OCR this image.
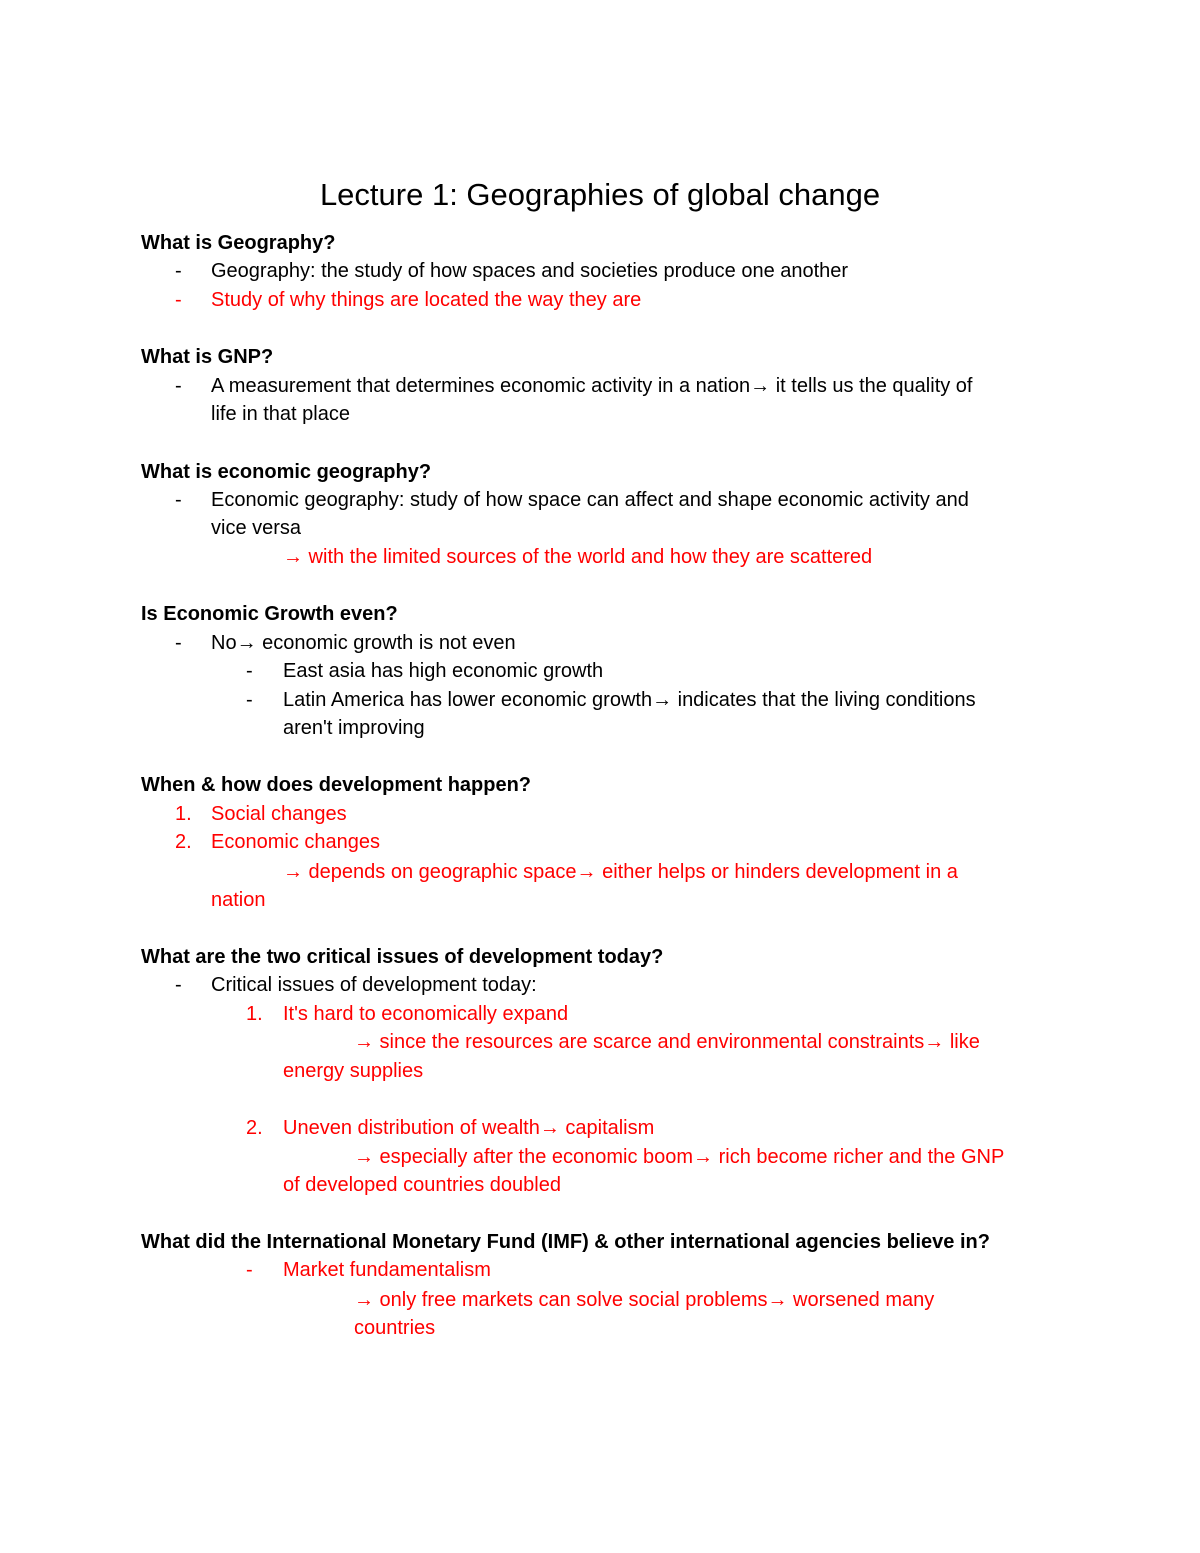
Lecture 1: Geographies of global change
What is Geography?
- Geography: the study of how spaces and societies produce one another
- Study of why things are located the way they are
What is GNP?
- A measurement that determines economic activity in a nation→ it tells us the quality of
life in that place
What is economic geography?
- Economic geography: study of how space can affect and shape economic activity and
vice versa
→ with the limited sources of the world and how they are scattered
Is Economic Growth even?
- No→ economic growth is not even
- East asia has high economic growth
- Latin America has lower economic growth→ indicates that the living conditions
aren't improving
When & how does development happen?
1. Social changes
2. Economic changes
→ depends on geographic space→ either helps or hinders development in a
nation
What are the two critical issues of development today?
- Critical issues of development today:
1. It's hard to economically expand
→ since the resources are scarce and environmental constraints→ like
energy supplies
2. Uneven distribution of wealth→ capitalism
→ especially after the economic boom→ rich become richer and the GNP
of developed countries doubled
What did the International Monetary Fund (IMF) & other international agencies believe in?
- Market fundamentalism
→ only free markets can solve social problems→ worsened many
countries
